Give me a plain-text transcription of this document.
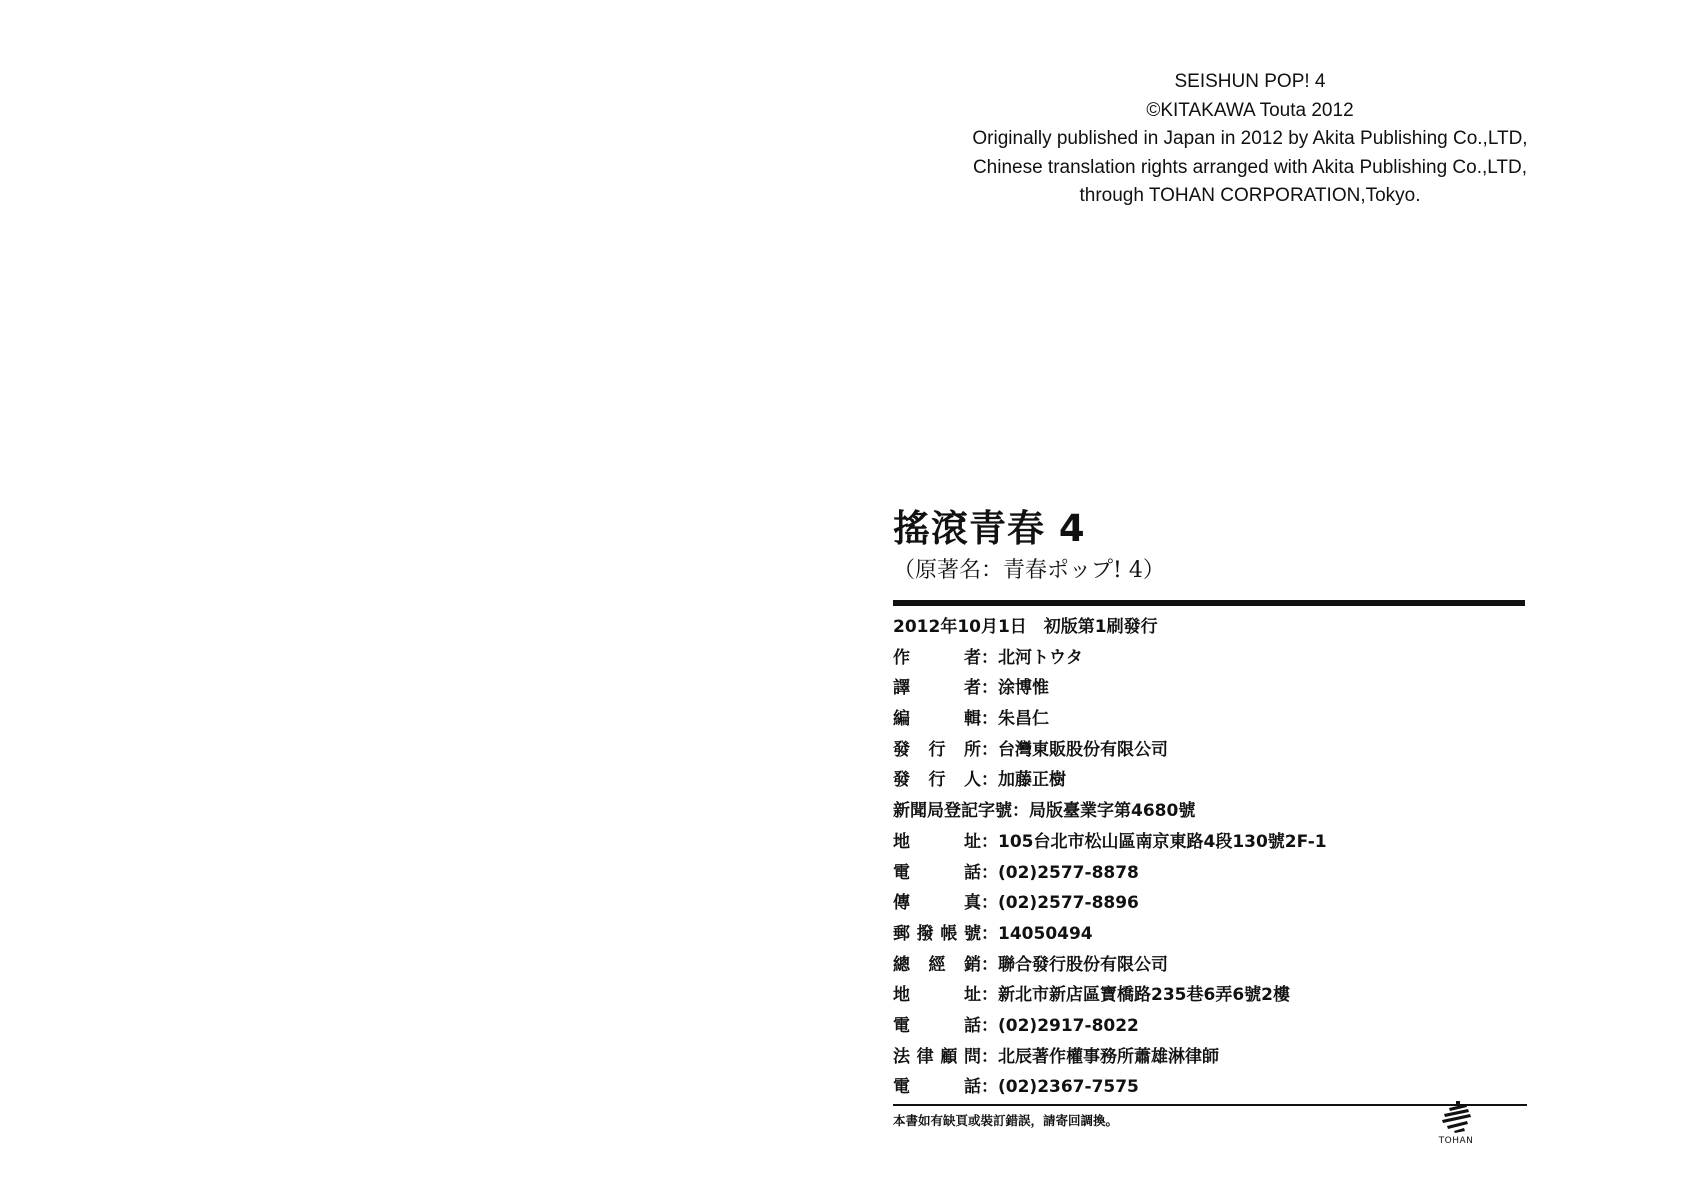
SEISHUN POP! 4
©KITAKAWA Touta 2012
Originally published in Japan in 2012 by Akita Publishing Co.,LTD,
Chinese translation rights arranged with Akita Publishing Co.,LTD,
through TOHAN CORPORATION,Tokyo.
搖滾青春 4
（原著名：青春ポップ! 4）
2012年10月1日　初版第1刷發行
作者 ： 北河トウタ
譯者 ： 涂博惟
編輯 ： 朱昌仁
發行所 ： 台灣東販股份有限公司
發行人 ： 加藤正樹
新聞局登記字號 ： 局版臺業字第4680號
地址 ： 105台北市松山區南京東路4段130號2F-1
電話 ： (02)2577-8878
傳真 ： (02)2577-8896
郵撥帳號 ： 14050494
總經銷 ： 聯合發行股份有限公司
地址 ： 新北市新店區寶橋路235巷6弄6號2樓
電話 ： (02)2917-8022
法律顧問 ： 北辰著作權事務所蕭雄淋律師
電話 ： (02)2367-7575
本書如有缺頁或裝訂錯誤，請寄回調換。
TOHAN
